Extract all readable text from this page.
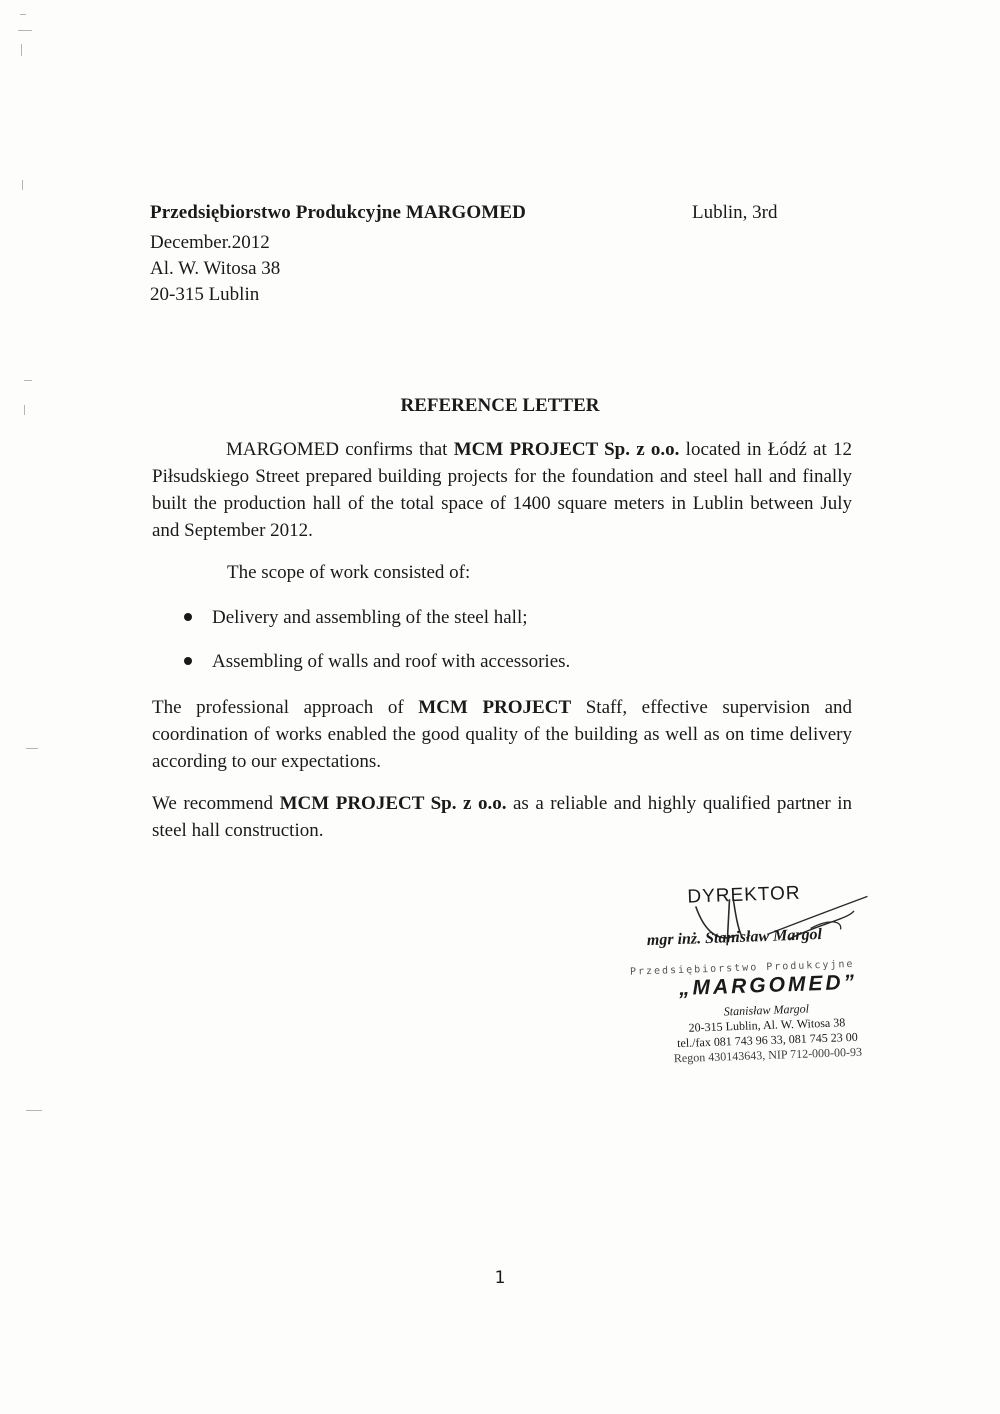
Przedsiębiorstwo Produkcyjne MARGOMED	Lublin, 3rd
December.2012
Al. W. Witosa 38
20-315 Lublin
REFERENCE LETTER
MARGOMED confirms that MCM PROJECT Sp. z o.o. located in Łódź at 12 Piłsudskiego Street prepared building projects for the foundation and steel hall and finally built the production hall of the total space of 1400 square meters in Lublin between July and September 2012.
The scope of work consisted of:
Delivery and assembling of the steel hall;
Assembling of walls and roof with accessories.
The professional approach of MCM PROJECT Staff, effective supervision and coordination of works enabled the good quality of the building as well as on time delivery according to our expectations.
We recommend MCM PROJECT Sp. z o.o. as a reliable and highly qualified partner in steel hall construction.
DYREKTOR
mgr inż. Stanisław Margol
Przedsiębiorstwo Produkcyjne
„MARGOMED”
Stanisław Margol
20-315 Lublin, Al. W. Witosa 38
tel./fax 081 743 96 33, 081 745 23 00
Regon 430143643, NIP 712-000-00-93
1
